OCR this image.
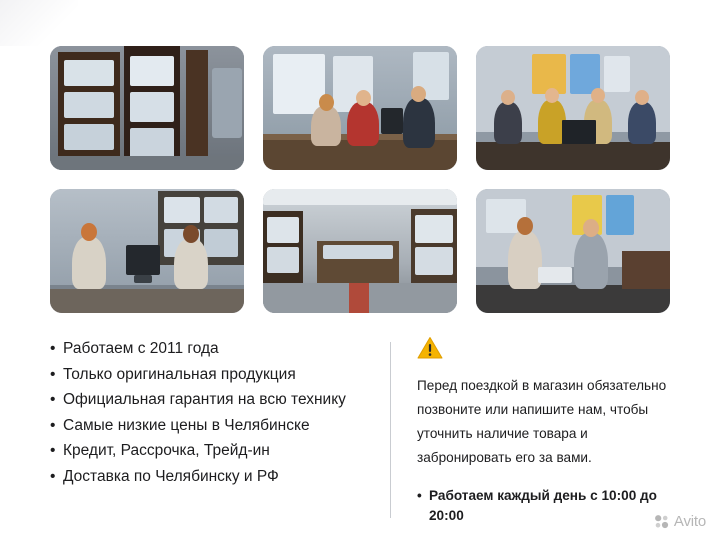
• Работаем с 2011 года
• Только оригинальная продукция
• Официальная гарантия на всю технику
• Самые низкие цены в Челябинске
• Кредит, Рассрочка, Трейд-ин
• Доставка по Челябинску и РФ

Перед поездкой в магазин обязательно позвоните или напишите нам, чтобы уточнить наличие товара и забронировать его за вами.

• Работаем каждый день с 10:00 до 20:00	Avito
